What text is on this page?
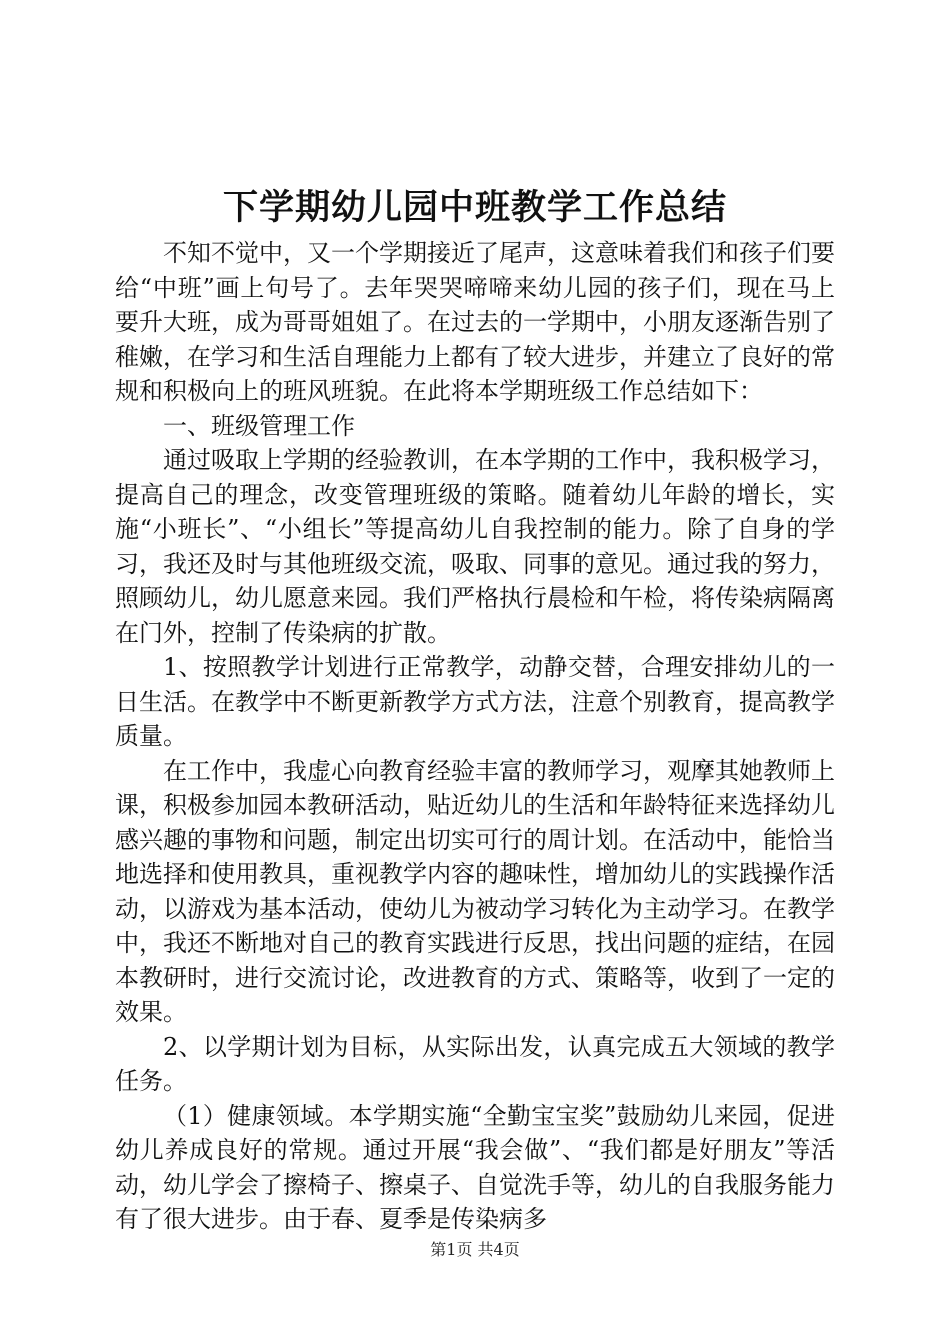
下学期幼儿园中班教学工作总结

不知不觉中，又一个学期接近了尾声，这意味着我们和孩子们要给“中班”画上句号了。去年哭哭啼啼来幼儿园的孩子们，现在马上要升大班，成为哥哥姐姐了。在过去的一学期中，小朋友逐渐告别了稚嫩，在学习和生活自理能力上都有了较大进步，并建立了良好的常规和积极向上的班风班貌。在此将本学期班级工作总结如下：

一、班级管理工作

通过吸取上学期的经验教训，在本学期的工作中，我积极学习，提高自己的理念，改变管理班级的策略。随着幼儿年龄的增长，实施“小班长”、“小组长”等提高幼儿自我控制的能力。除了自身的学习，我还及时与其他班级交流，吸取、同事的意见。通过我的努力，照顾幼儿，幼儿愿意来园。我们严格执行晨检和午检，将传染病隔离在门外，控制了传染病的扩散。

1、按照教学计划进行正常教学，动静交替，合理安排幼儿的一日生活。在教学中不断更新教学方式方法，注意个别教育，提高教学质量。

在工作中，我虚心向教育经验丰富的教师学习，观摩其她教师上课，积极参加园本教研活动，贴近幼儿的生活和年龄特征来选择幼儿感兴趣的事物和问题，制定出切实可行的周计划。在活动中，能恰当地选择和使用教具，重视教学内容的趣味性，增加幼儿的实践操作活动，以游戏为基本活动，使幼儿为被动学习转化为主动学习。在教学中，我还不断地对自己的教育实践进行反思，找出问题的症结，在园本教研时，进行交流讨论，改进教育的方式、策略等，收到了一定的效果。

2、以学期计划为目标，从实际出发，认真完成五大领域的教学任务。

（1）健康领域。本学期实施“全勤宝宝奖”鼓励幼儿来园，促进幼儿养成良好的常规。通过开展“我会做”、“我们都是好朋友”等活动，幼儿学会了擦椅子、擦桌子、自觉洗手等，幼儿的自我服务能力有了很大进步。由于春、夏季是传染病多

第1页 共4页
